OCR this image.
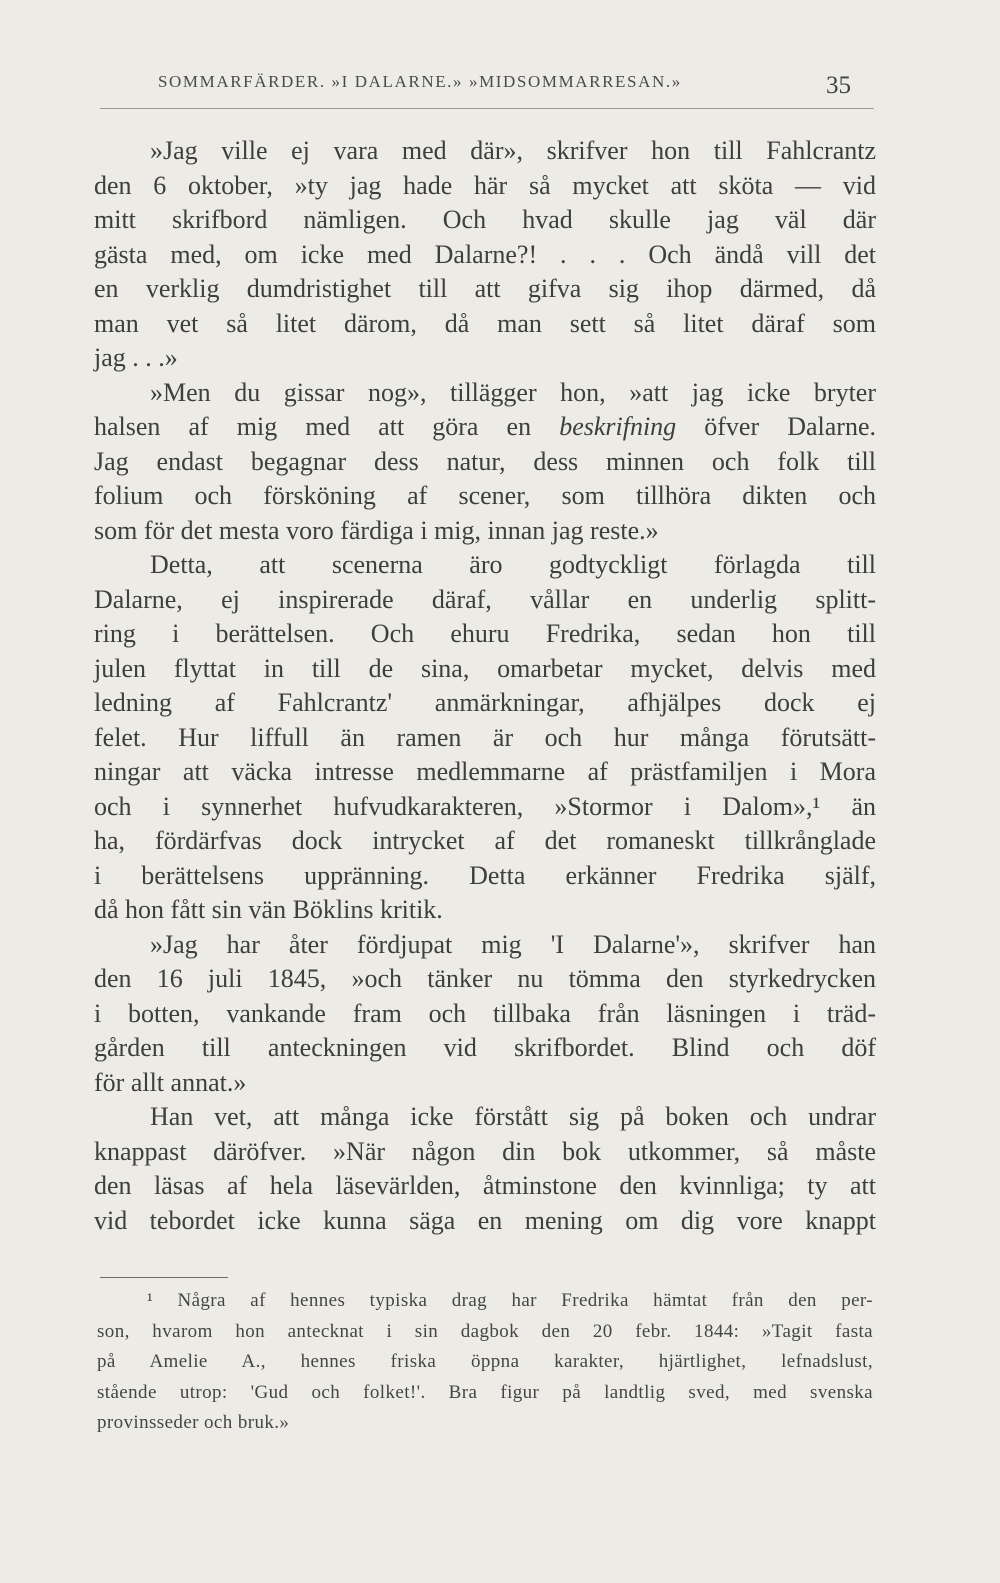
SOMMARFÄRDER. »I DALARNE.» »MIDSOMMARRESAN.»	35
»Jag ville ej vara med där», skrifver hon till Fahlcrantz
den 6 oktober, »ty jag hade här så mycket att sköta — vid
mitt skrifbord nämligen. Och hvad skulle jag väl där
gästa med, om icke med Dalarne?! . . . Och ändå vill det
en verklig dumdristighet till att gifva sig ihop därmed, då
man vet så litet därom, då man sett så litet däraf som
jag . . .»
»Men du gissar nog», tillägger hon, »att jag icke bryter
halsen af mig med att göra en beskrifning öfver Dalarne.
Jag endast begagnar dess natur, dess minnen och folk till
folium och försköning af scener, som tillhöra dikten och
som för det mesta voro färdiga i mig, innan jag reste.»
Detta, att scenerna äro godtyckligt förlagda till
Dalarne, ej inspirerade däraf, vållar en underlig splitt-
ring i berättelsen. Och ehuru Fredrika, sedan hon till
julen flyttat in till de sina, omarbetar mycket, delvis med
ledning af Fahlcrantz' anmärkningar, afhjälpes dock ej
felet. Hur liffull än ramen är och hur många förutsätt-
ningar att väcka intresse medlemmarne af prästfamiljen i Mora
och i synnerhet hufvudkarakteren, »Stormor i Dalom»,¹ än
ha, fördärfvas dock intrycket af det romaneskt tillkrånglade
i berättelsens uppränning. Detta erkänner Fredrika själf,
då hon fått sin vän Böklins kritik.
»Jag har åter fördjupat mig 'I Dalarne'», skrifver han
den 16 juli 1845, »och tänker nu tömma den styrkedrycken
i botten, vankande fram och tillbaka från läsningen i träd-
gården till anteckningen vid skrifbordet. Blind och döf
för allt annat.»
Han vet, att många icke förstått sig på boken och undrar
knappast däröfver. »När någon din bok utkommer, så måste
den läsas af hela läsevärlden, åtminstone den kvinnliga; ty att
vid tebordet icke kunna säga en mening om dig vore knappt
¹ Några af hennes typiska drag har Fredrika hämtat från den per-
son, hvarom hon antecknat i sin dagbok den 20 febr. 1844: »Tagit fasta
på Amelie A., hennes friska öppna karakter, hjärtlighet, lefnadslust,
stående utrop: 'Gud och folket!'. Bra figur på landtlig sved, med svenska
provinsseder och bruk.»
